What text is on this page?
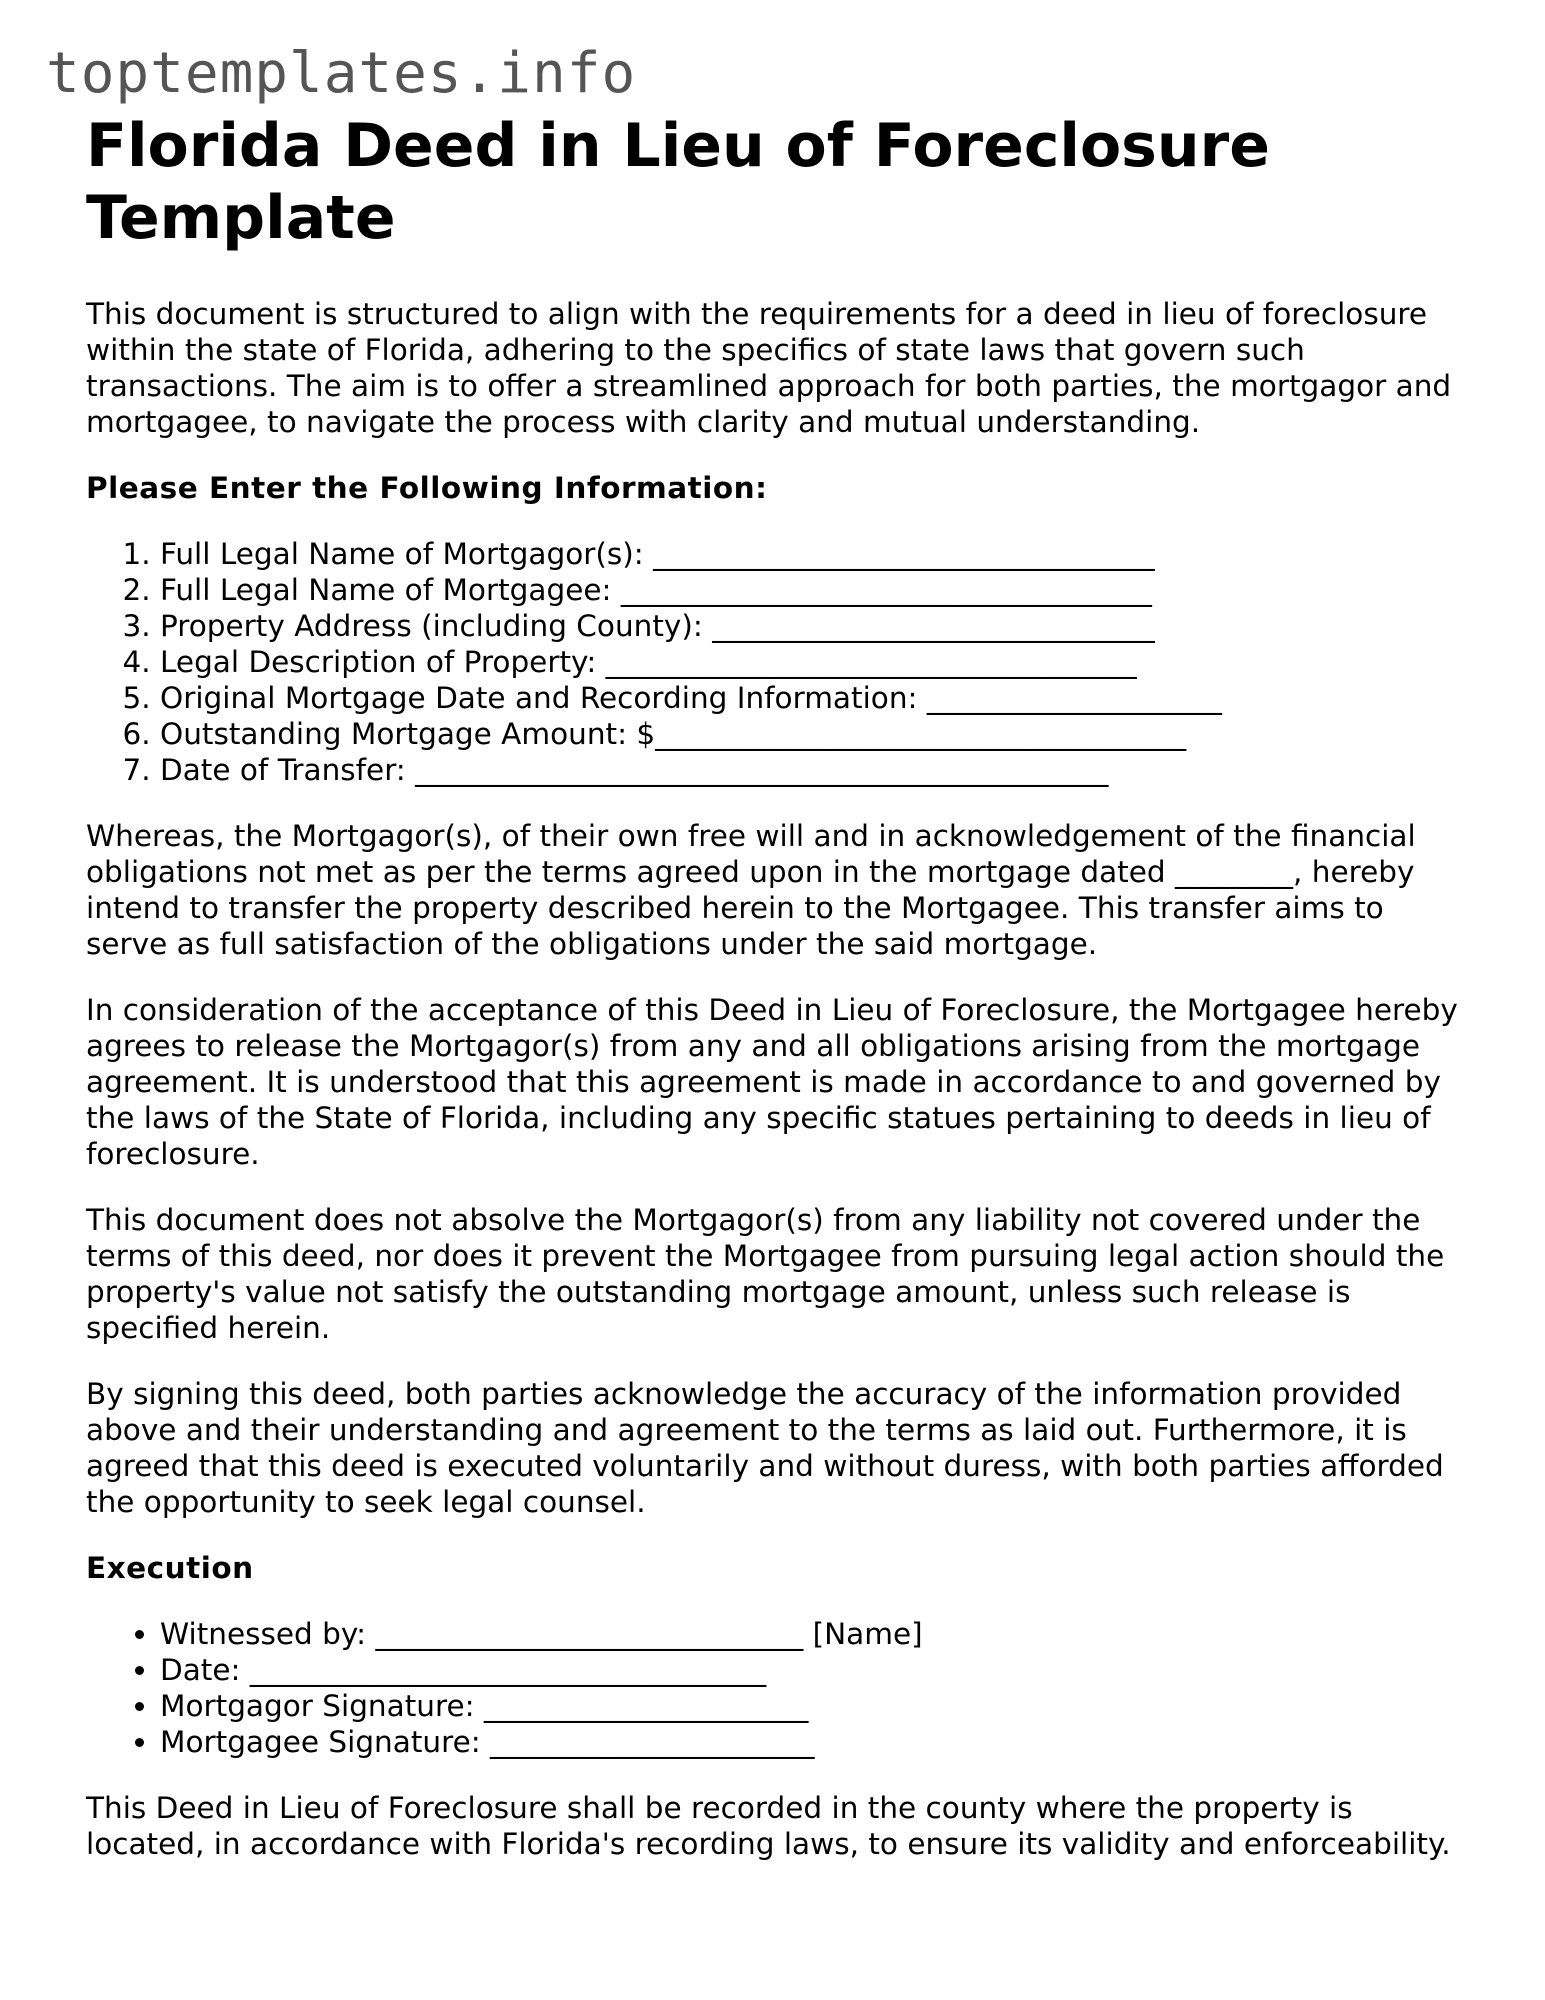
toptemplates.info
Florida Deed in Lieu of Foreclosure Template

This document is structured to align with the requirements for a deed in lieu of foreclosure within the state of Florida, adhering to the specifics of state laws that govern such transactions. The aim is to offer a streamlined approach for both parties, the mortgagor and mortgagee, to navigate the process with clarity and mutual understanding.

Please Enter the Following Information:
1. Full Legal Name of Mortgagor(s): __________________________________
2. Full Legal Name of Mortgagee: ____________________________________
3. Property Address (including County): ______________________________
4. Legal Description of Property: ____________________________________
5. Original Mortgage Date and Recording Information: ____________________
6. Outstanding Mortgage Amount: $____________________________________
7. Date of Transfer: _______________________________________________

Whereas, the Mortgagor(s), of their own free will and in acknowledgement of the financial obligations not met as per the terms agreed upon in the mortgage dated ________, hereby intend to transfer the property described herein to the Mortgagee. This transfer aims to serve as full satisfaction of the obligations under the said mortgage.

In consideration of the acceptance of this Deed in Lieu of Foreclosure, the Mortgagee hereby agrees to release the Mortgagor(s) from any and all obligations arising from the mortgage agreement. It is understood that this agreement is made in accordance to and governed by the laws of the State of Florida, including any specific statues pertaining to deeds in lieu of foreclosure.

This document does not absolve the Mortgagor(s) from any liability not covered under the terms of this deed, nor does it prevent the Mortgagee from pursuing legal action should the property's value not satisfy the outstanding mortgage amount, unless such release is specified herein.

By signing this deed, both parties acknowledge the accuracy of the information provided above and their understanding and agreement to the terms as laid out. Furthermore, it is agreed that this deed is executed voluntarily and without duress, with both parties afforded the opportunity to seek legal counsel.

Execution
• Witnessed by: _____________________________ [Name]
• Date: ___________________________________
• Mortgagor Signature: ______________________
• Mortgagee Signature: ______________________

This Deed in Lieu of Foreclosure shall be recorded in the county where the property is located, in accordance with Florida's recording laws, to ensure its validity and enforceability.
